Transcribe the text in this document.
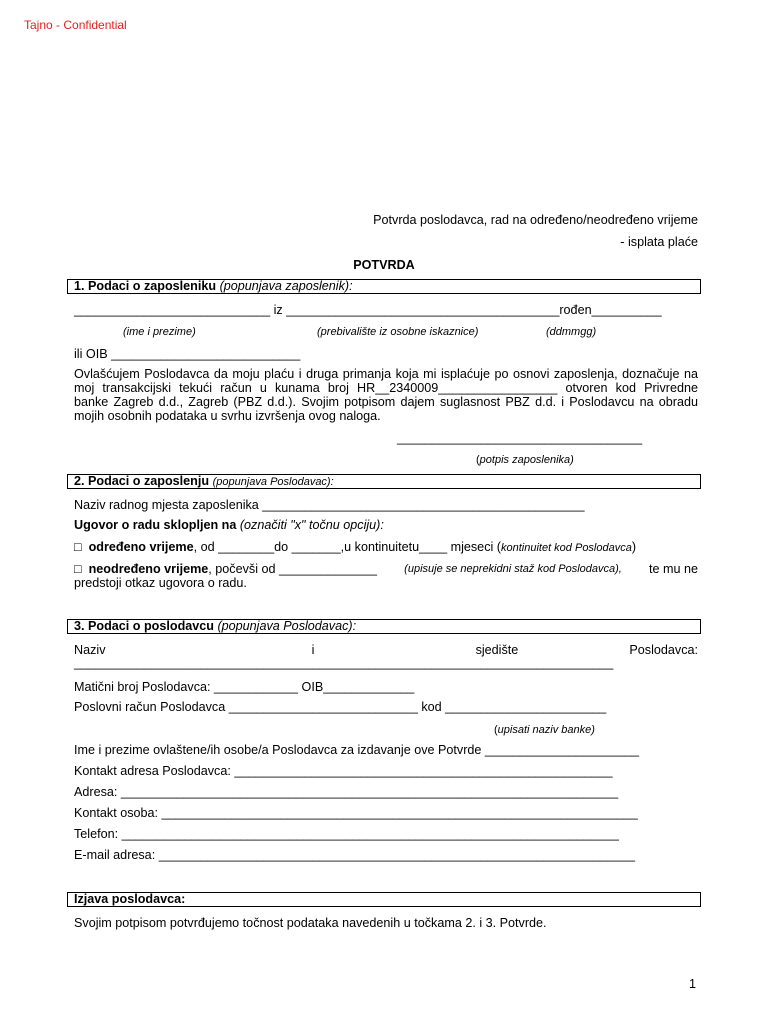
Tajno - Confidential
Potvrda poslodavca, rad na određeno/neodređeno vrijeme
- isplata plaće
POTVRDA
1. Podaci o zaposleniku (popunjava zaposlenik):
____________________________ iz _______________________________________rođen__________
(ime i prezime)	(prebivalište iz osobne iskaznice)	(ddmmgg)
ili OIB ___________________________
Ovlašćujem Poslodavca da moju plaću i druga primanja koja mi isplaćuje po osnovi zaposlenja, doznačuje na
moj transakcijski tekući račun u kunama broj HR__2340009_________________ otvoren kod Privredne
banke Zagreb d.d., Zagreb (PBZ d.d.). Svojim potpisom dajem suglasnost PBZ d.d. i Poslodavcu na obradu
mojih osobnih podataka u svrhu izvršenja ovog naloga.
___________________________________
(potpis zaposlenika)
2. Podaci o zaposlenju (popunjava Poslodavac):
Naziv radnog mjesta zaposlenika ______________________________________________
Ugovor o radu sklopljen na (označiti "x" točnu opciju):
□ određeno vrijeme, od ________do _______,u kontinuitetu____ mjeseci (kontinuitet kod Poslodavca)
□ neodređeno vrijeme, počevši od ______________ (upisuje se neprekidni staž kod Poslodavca), te mu ne
predstoji otkaz ugovora o radu.
3. Podaci o poslodavcu (popunjava Poslodavac):
Naziv	i	sjedište	Poslodavca:
_____________________________________________________________________________
Matični broj Poslodavca: ____________ OIB_____________
Poslovni račun Poslodavca ___________________________ kod _______________________
(upisati naziv banke)
Ime i prezime ovlaštene/ih osobe/a Poslodavca za izdavanje ove Potvrde ______________________
Kontakt adresa Poslodavca: ______________________________________________________
Adresa: _______________________________________________________________________
Kontakt osoba: ____________________________________________________________________
Telefon: _______________________________________________________________________
E-mail adresa: ____________________________________________________________________
Izjava poslodavca:
Svojim potpisom potvrđujemo točnost podataka navedenih u točkama 2. i 3. Potvrde.
1
